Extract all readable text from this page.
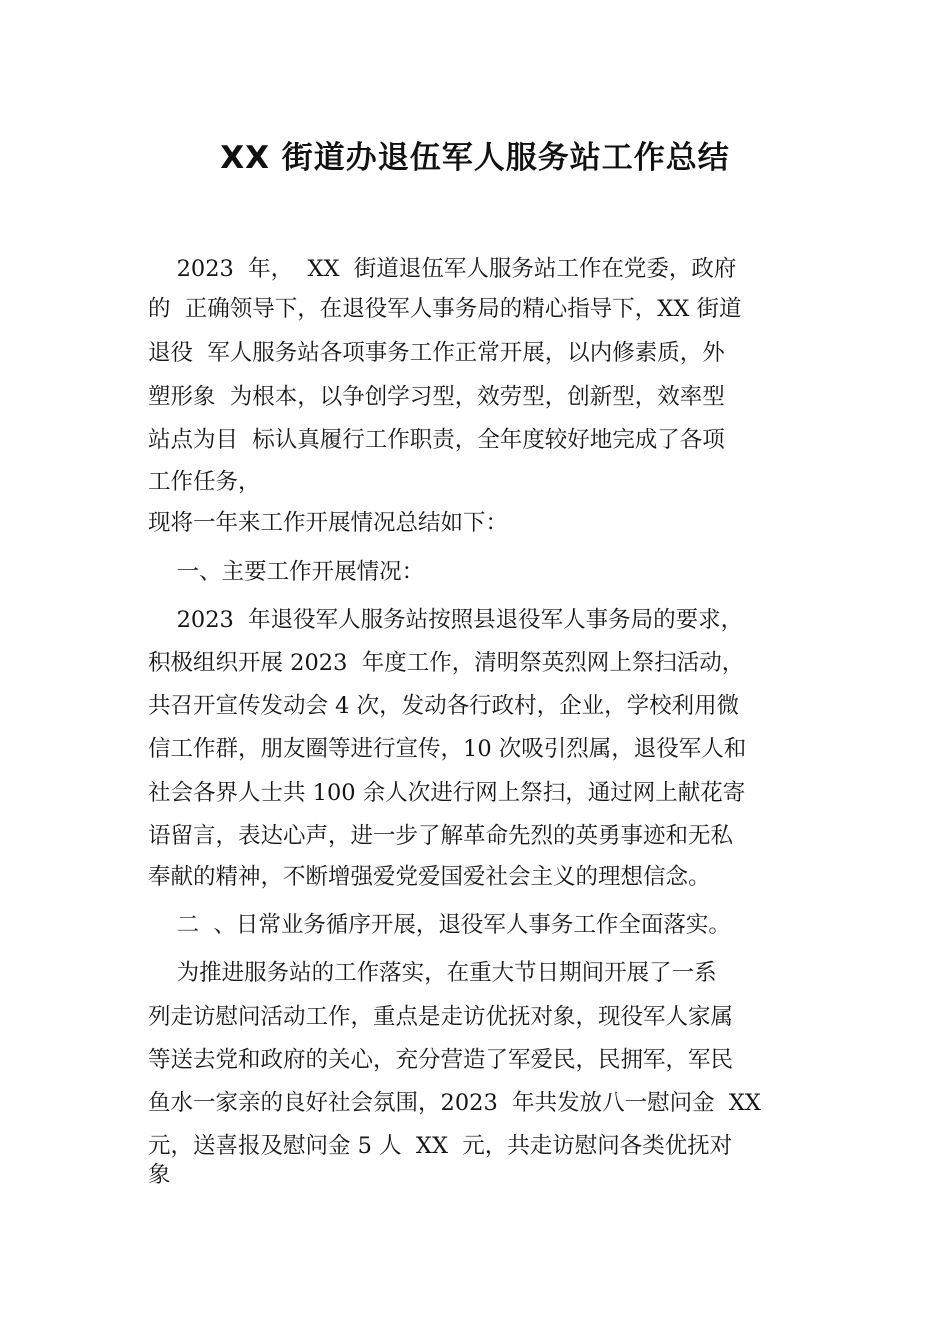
XX 街道办退伍军人服务站工作总结

2023  年，  XX  街道退伍军人服务站工作在党委，政府

的  正确领导下，在退役军人事务局的精心指导下，XX 街道

退役  军人服务站各项事务工作正常开展，以内修素质，外

塑形象  为根本，以争创学习型，效劳型，创新型，效率型

站点为目  标认真履行工作职责，全年度较好地完成了各项

工作任务，

现将一年来工作开展情况总结如下：

一、主要工作开展情况：

2023  年退役军人服务站按照县退役军人事务局的要求，

积极组织开展 2023  年度工作，清明祭英烈网上祭扫活动，

共召开宣传发动会 4 次，发动各行政村，企业，学校利用微

信工作群，朋友圈等进行宣传，10 次吸引烈属，退役军人和

社会各界人士共 100 余人次进行网上祭扫，通过网上献花寄

语留言，表达心声，进一步了解革命先烈的英勇事迹和无私

奉献的精神，不断增强爱党爱国爱社会主义的理想信念。

二  、日常业务循序开展，退役军人事务工作全面落实。

为推进服务站的工作落实，在重大节日期间开展了一系

列走访慰问活动工作，重点是走访优抚对象，现役军人家属

等送去党和政府的关心，充分营造了军爱民，民拥军，军民

鱼水一家亲的良好社会氛围，2023  年共发放八一慰问金  XX

元，送喜报及慰问金 5 人  XX  元，共走访慰问各类优抚对

象
